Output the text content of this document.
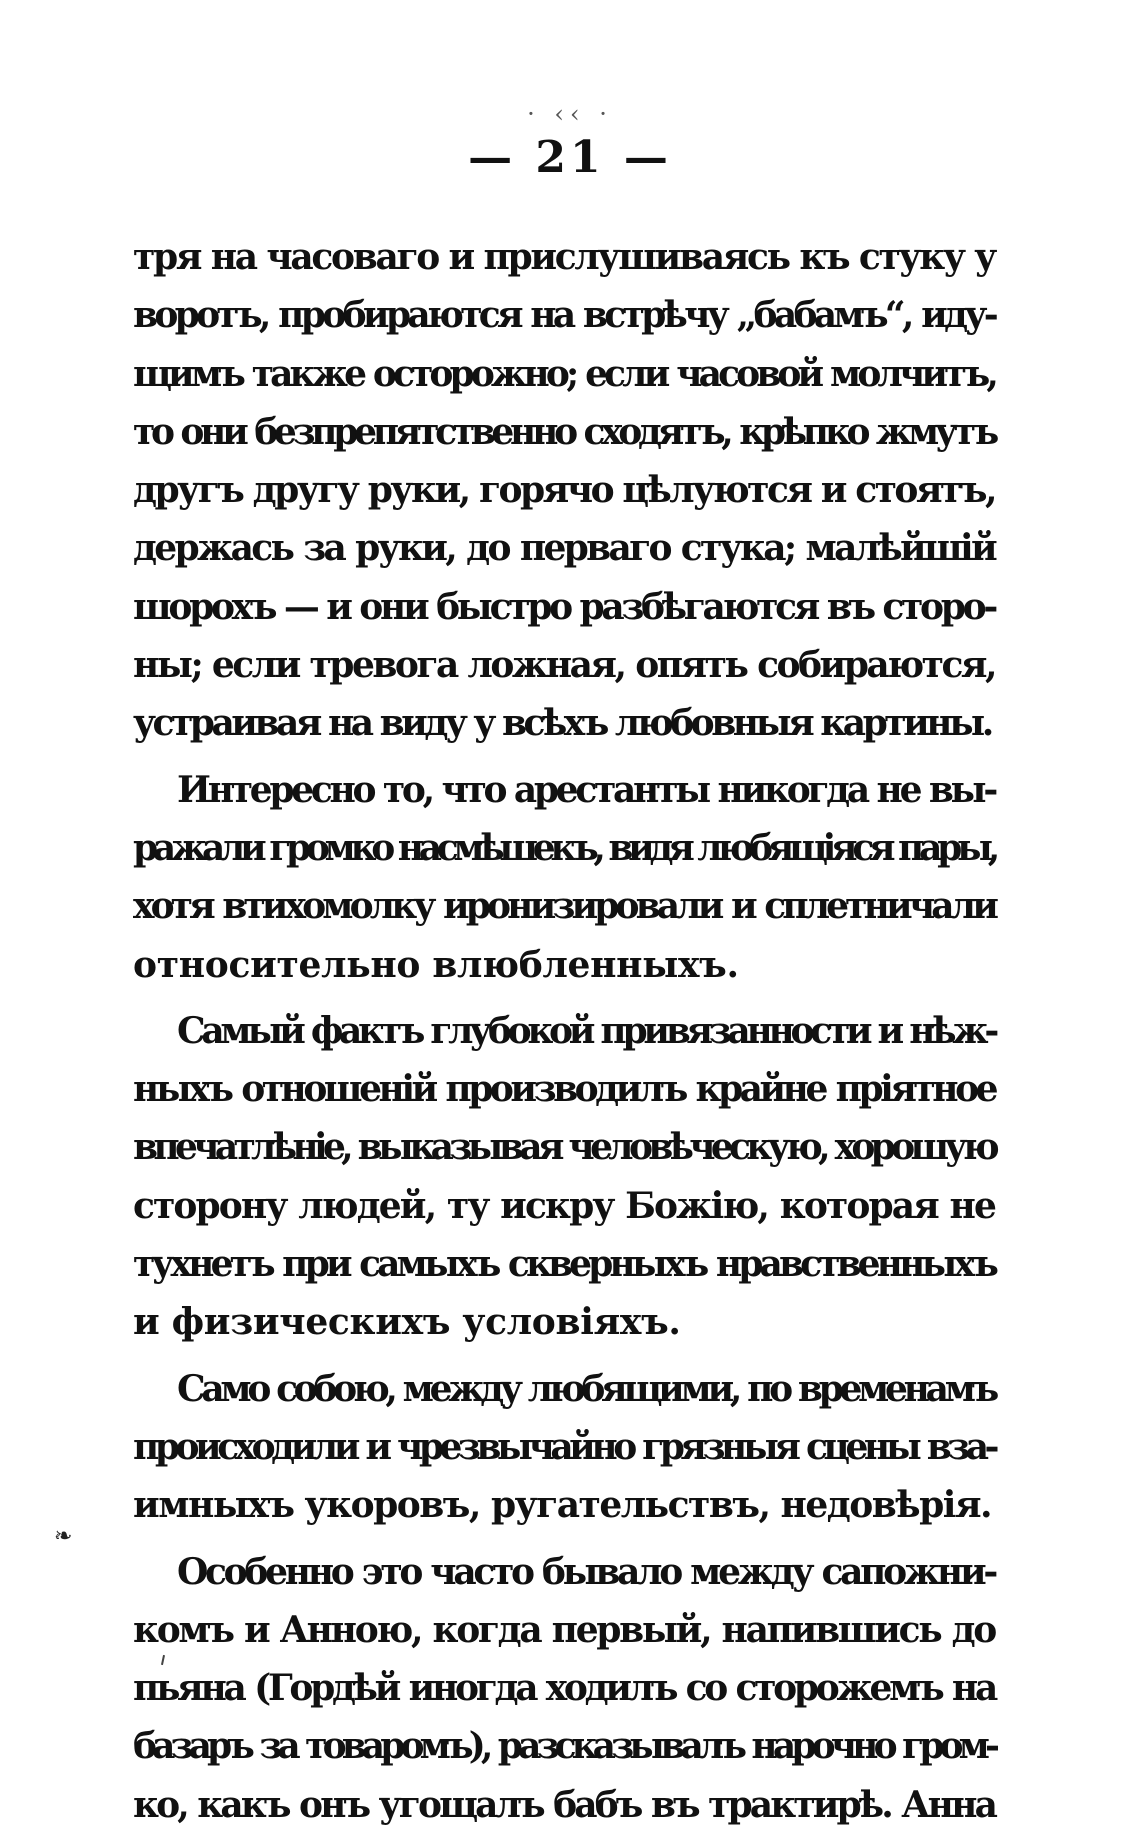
· ‹‹ ·
— 21 —
тря на часоваго и прислушиваясь къ стуку у
воротъ, пробираются на встрѣчу „бабамъ“, иду-
щимъ также осторожно; если часовой молчитъ,
то они безпрепятственно сходятъ, крѣпко жмутъ
другъ другу руки, горячо цѣлуются и стоятъ,
держась за руки, до перваго стука; малѣйшій
шорохъ — и они быстро разбѣгаются въ сторо-
ны; если тревога ложная, опять собираются,
устраивая на виду у всѣхъ любовныя картины.
Интересно то, что арестанты никогда не вы-
ражали громко насмѣшекъ, видя любящіяся пары,
хотя втихомолку иронизировали и сплетничали
относительно влюбленныхъ.
Самый фактъ глубокой привязанности и нѣж-
ныхъ отношеній производилъ крайне пріятное
впечатлѣніе, выказывая человѣческую, хорошую
сторону людей, ту искру Божію, которая не
тухнетъ при самыхъ скверныхъ нравственныхъ
и физическихъ условіяхъ.
Само собою, между любящими, по временамъ
происходили и чрезвычайно грязныя сцены вза-
имныхъ укоровъ, ругательствъ, недовѣрія.
Особенно это часто бывало между сапожни-
комъ и Анною, когда первый, напившись до
пьяна (Гордѣй иногда ходилъ со сторожемъ на
базаръ за товаромъ), разсказывалъ нарочно гром-
ко, какъ онъ угощалъ бабъ въ трактирѣ. Анна
❧
